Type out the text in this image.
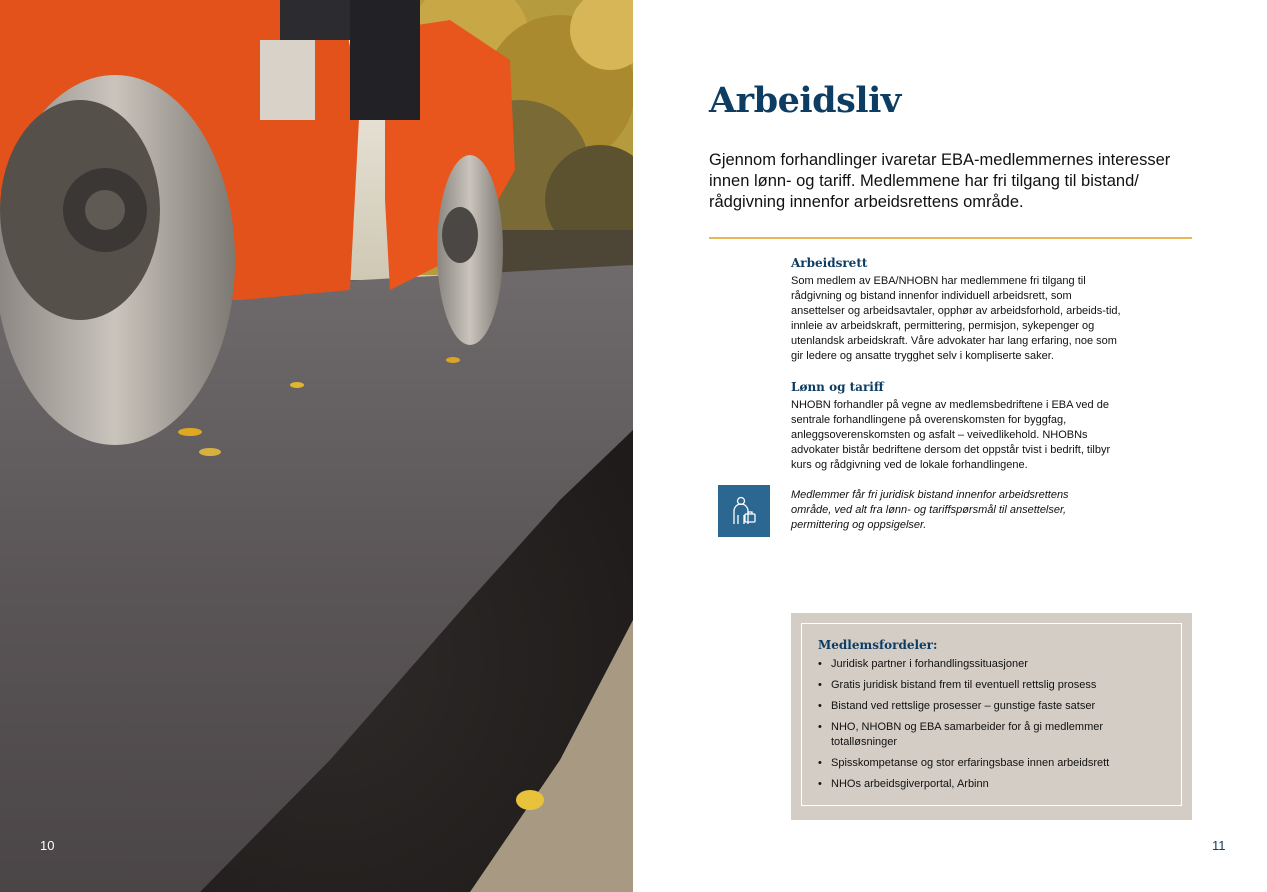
10
Arbeidsliv

Gjennom forhandlinger ivaretar EBA-medlemmernes interesser innen lønn- og tariff. Medlemmene har fri tilgang til bistand/ rådgivning innenfor arbeidsrettens område.

Arbeidsrett

Som medlem av EBA/NHOBN har medlemmene fri tilgang til rådgivning og bistand innenfor individuell arbeidsrett, som ansettelser og arbeidsavtaler, opphør av arbeidsforhold, arbeids-tid, innleie av arbeidskraft, permittering, permisjon, sykepenger og utenlandsk arbeidskraft. Våre advokater har lang erfaring, noe som gir ledere og ansatte trygghet selv i kompliserte saker.

Lønn og tariff

NHOBN forhandler på vegne av medlemsbedriftene i EBA ved de sentrale forhandlingene på overenskomsten for byggfag, anleggsoverenskomsten og asfalt – veivedlikehold. NHOBNs advokater bistår bedriftene dersom det oppstår tvist i bedrift, tilbyr kurs og rådgivning ved de lokale forhandlingene.

Medlemmer får fri juridisk bistand innenfor arbeidsrettens område, ved alt fra lønn- og tariffspørsmål til ansettelser, permittering og oppsigelser.

Medlemsfordeler:
• Juridisk partner i forhandlingssituasjoner
• Gratis juridisk bistand frem til eventuell rettslig prosess
• Bistand ved rettslige prosesser – gunstige faste satser
• NHO, NHOBN og EBA samarbeider for å gi medlemmer totalløsninger
• Spisskompetanse og stor erfaringsbase innen arbeidsrett
• NHOs arbeidsgiverportal, Arbinn
11
